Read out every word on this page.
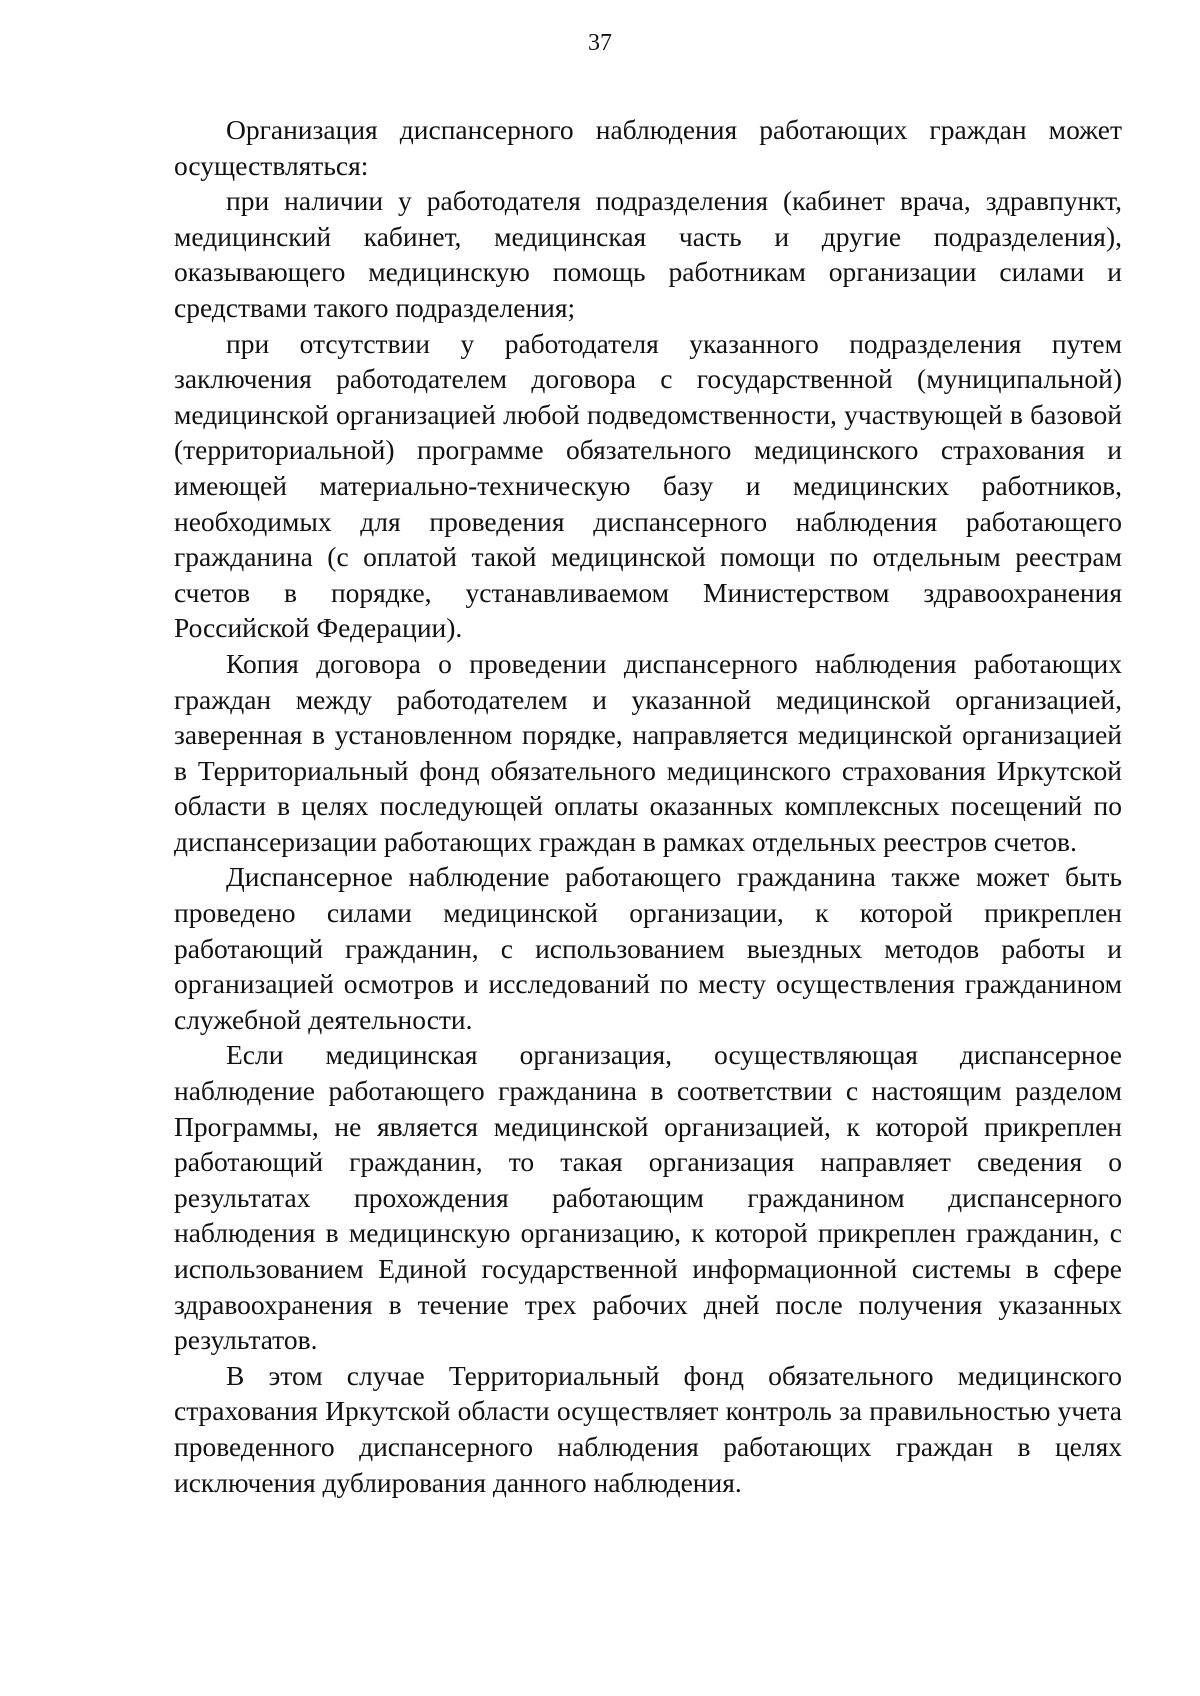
37

Организация диспансерного наблюдения работающих граждан может осуществляться:

при наличии у работодателя подразделения (кабинет врача, здравпункт, медицинский кабинет, медицинская часть и другие подразделения), оказывающего медицинскую помощь работникам организации силами и средствами такого подразделения;

при отсутствии у работодателя указанного подразделения путем заключения работодателем договора с государственной (муниципальной) медицинской организацией любой подведомственности, участвующей в базовой (территориальной) программе обязательного медицинского страхования и имеющей материально-техническую базу и медицинских работников, необходимых для проведения диспансерного наблюдения работающего гражданина (с оплатой такой медицинской помощи по отдельным реестрам счетов в порядке, устанавливаемом Министерством здравоохранения Российской Федерации).

Копия договора о проведении диспансерного наблюдения работающих граждан между работодателем и указанной медицинской организацией, заверенная в установленном порядке, направляется медицинской организацией в Территориальный фонд обязательного медицинского страхования Иркутской области в целях последующей оплаты оказанных комплексных посещений по диспансеризации работающих граждан в рамках отдельных реестров счетов.

Диспансерное наблюдение работающего гражданина также может быть проведено силами медицинской организации, к которой прикреплен работающий гражданин, с использованием выездных методов работы и организацией осмотров и исследований по месту осуществления гражданином служебной деятельности.

Если медицинская организация, осуществляющая диспансерное наблюдение работающего гражданина в соответствии с настоящим разделом Программы, не является медицинской организацией, к которой прикреплен работающий гражданин, то такая организация направляет сведения о результатах прохождения работающим гражданином диспансерного наблюдения в медицинскую организацию, к которой прикреплен гражданин, с использованием Единой государственной информационной системы в сфере здравоохранения в течение трех рабочих дней после получения указанных результатов.

В этом случае Территориальный фонд обязательного медицинского страхования Иркутской области осуществляет контроль за правильностью учета проведенного диспансерного наблюдения работающих граждан в целях исключения дублирования данного наблюдения.
